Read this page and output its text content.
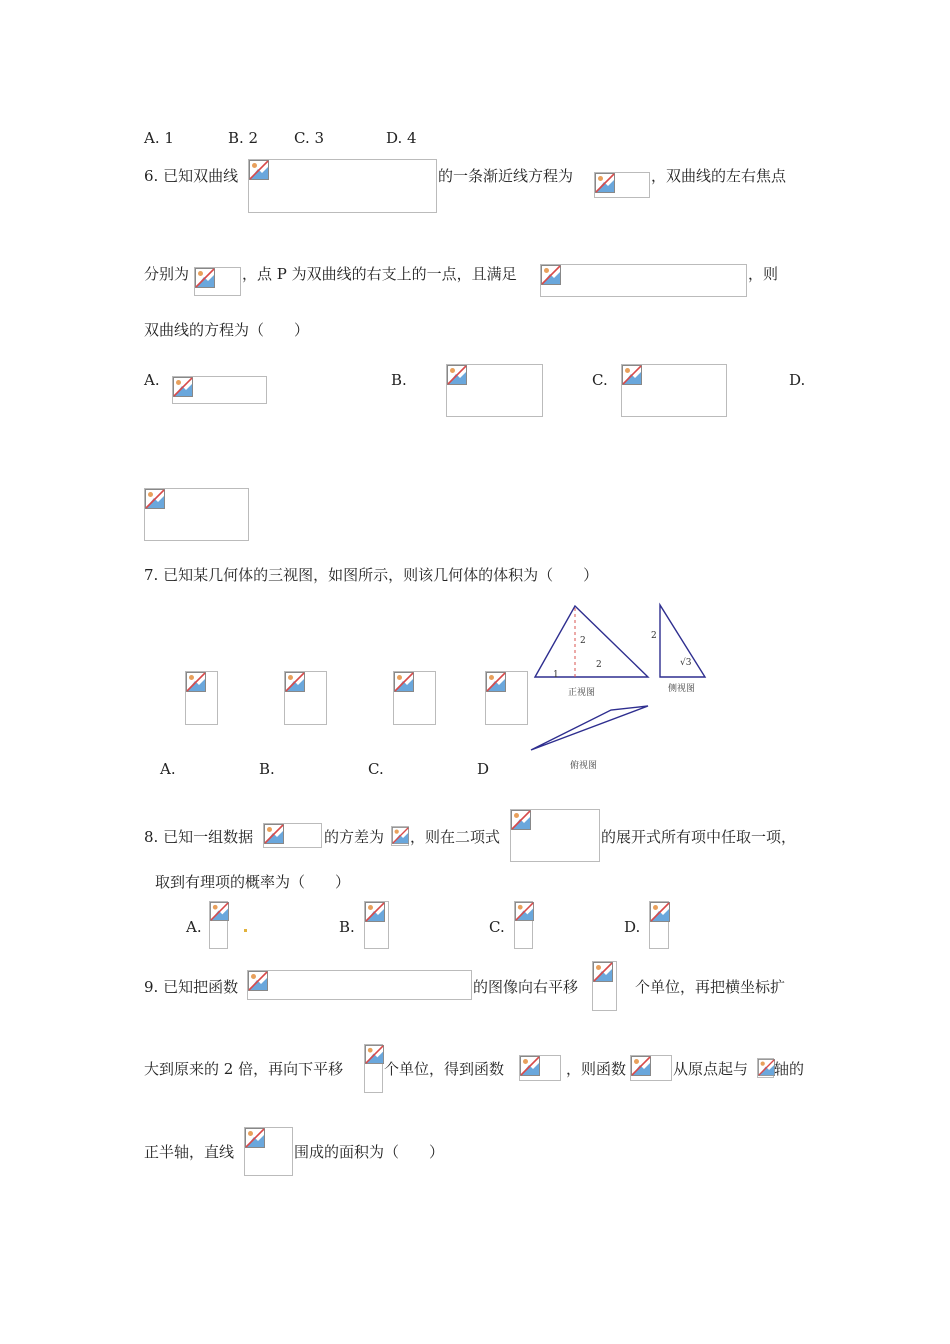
A. 1	B. 2 C. 3	D. 4
6. 已知双曲线	的一条渐近线方程为	，双曲线的左右焦点
分别为	，点 P 为双曲线的右支上的一点，且满足	，则
双曲线的方程为（　　）
A.	B.	C.	D.
7. 已知某几何体的三视图，如图所示，则该几何体的体积为（　　）
A.	B.	C.	D
2
2
1
2
√3
正视图	侧视图
俯视图
8. 已知一组数据	的方差为 ，则在二项式	的展开式所有项中任取一项，
取到有理项的概率为（　　）
A.	B.	C.	D.
9. 已知把函数	的图像向右平移	个单位，再把横坐标扩
大到原来的 2 倍，再向下平移	个单位，得到函数	，则函数	从原点起与 轴的
正半轴，直线	围成的面积为（　　）
